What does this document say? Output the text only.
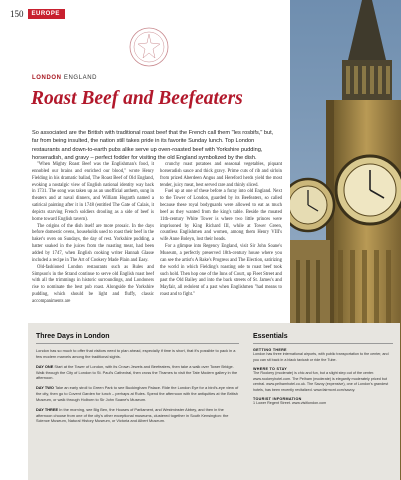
150	EUROPE
LONDON ENGLAND
Roast Beef and Beefeaters

So associated are the British with traditional roast beef that the French call them "les rosbifs," but, far from being insulted, the nation still takes pride in its favorite Sunday lunch. Top London restaurants and down-to-earth pubs alike serve up oven-roasted beef with Yorkshire pudding, horseradish, and gravy – perfect fodder for visiting the old England symbolized by the dish.

"When Mighty Roast Beef was the Englishman's food, it ennobled our brains and enriched our blood," wrote Henry Fielding in his dramatic ballad, The Roast Beef of Old England, evoking a nostalgic view of English national identity way back in 1731. The song was taken up as an unofficial anthem, sung in theaters and at naval dinners, and William Hogarth named a satirical painting after it in 1748 (entitled The Gate of Calais, it depicts starving French soldiers drooling as a side of beef is borne toward English tavern).

The origins of the dish itself are more prosaic. In the days before domestic ovens, households used to roast their beef in the baker's oven on Sundays, the day of rest. Yorkshire pudding, a batter soaked in the juices from the roasting meat, had been added by 1747, when English cooking writer Hannah Glasse included a recipe in The Art of Cookery Made Plain and Easy.

Old-fashioned London restaurants such as Rules and Simpson's in the Strand continue to serve old English roast beef with all the trimmings in historic surroundings, and Londoners rise to nominate the best pub roast. Alongside the Yorkshire pudding, which should be light and fluffy, classic accompaniments are

crunchy roast potatoes and seasonal vegetables, piquant horseradish sauce and thick gravy. Prime cuts of rib and sirloin from prized Aberdeen Angus and Hereford herds yield the most tender, juicy meat, best served rare and thinly sliced.

Fuel up at one of these before a foray into old England. Next to the Tower of London, guarded by its Beefeaters, so called because these royal bodyguards were allowed to eat as much beef as they wanted from the king's table. Beside the moated 11th-century White Tower is where two little princes were imprisoned by King Richard III, while at Tower Green, countless Englishmen and women, among them Henry VIII's wife Anne Boleyn, lost their heads.

For a glimpse into Regency England, visit Sir John Soane's Museum, a perfectly preserved 18th-century house where you can see the artist's A Rake's Progress and The Election, satirizing the world in which Fielding's roasting ode to roast beef took such hold. Then hop one of the Inns of Court, up Fleet Street and past the Old Bailey and into the back streets of St. James's and Mayfair, all redolent of a past when Englishmen "had means to roast and to fight."

Three Days in London

London has so much to offer that visitors need to plan ahead, especially if time is short, that it's possible to pack in a few modern marvels among the traditional sights.

DAY ONE Start at the Tower of London, with its Crown Jewels and Beefeaters, then take a walk over Tower Bridge. Walk through the City of London to St. Paul's Cathedral, then cross the Thames to visit the Tate Modern gallery in the afternoon.

DAY TWO Take an early stroll to Green Park to see Buckingham Palace. Ride the London Eye for a bird's-eye view of the city, then go to Covent Garden for lunch – perhaps at Rules. Spend the afternoon with the antiquities at the British Museum, or walk through Holborn to Sir John Soane's Museum.

DAY THREE In the morning, see Big Ben, the Houses of Parliament, and Westminster Abbey, and then in the afternoon choose from one of the city's other exceptional museums, clustered together in South Kensington: the Science Museum, Natural History Museum, or Victoria and Albert Museum.

Essentials
GETTING THERE

London has three international airports, with public transportation to the center, and you can sit back in a black taxicab or ride the Tube.

WHERE TO STAY

The Rookery (moderate) is chic and fun, but a slight step out of the center. www.rookeryhotel.com. The Pelham (moderate) is elegantly moderately priced but central. www.pelhamhotel.co.uk. The Savoy (expensive), one of London's grandest hotels, has been recently revitalized. www.fairmont.com/savoy.

TOURIST INFORMATION

1 Lower Regent Street. www.visitlondon.com
